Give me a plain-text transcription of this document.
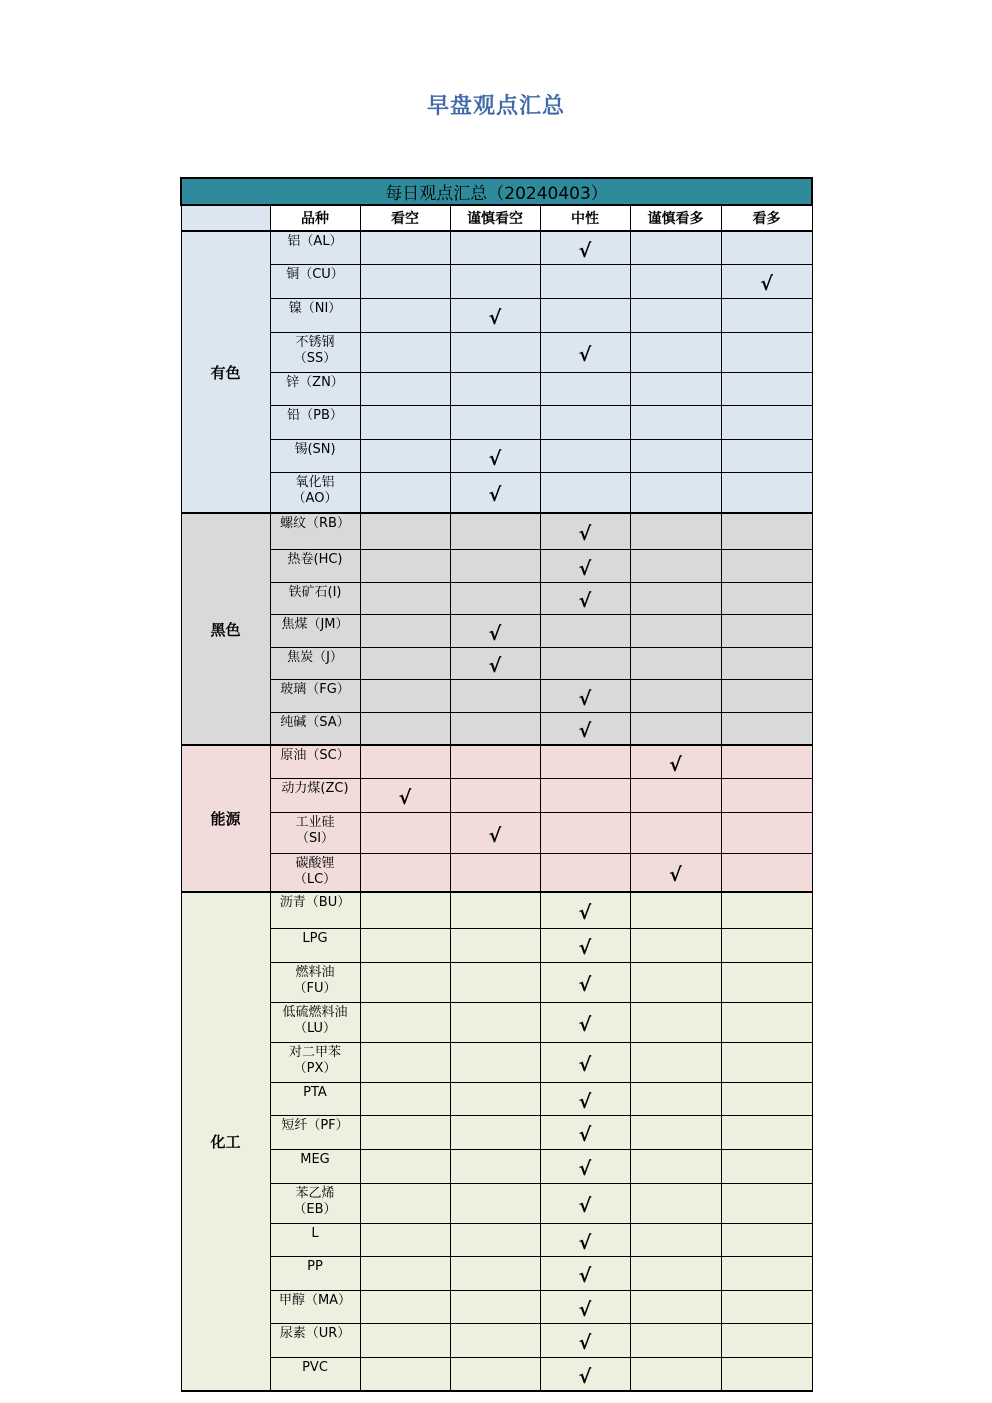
早盘观点汇总
每日观点汇总（20240403）						
	品种	看空	谨慎看空	中性	谨慎看多	看多
有色	铝（AL）			√		

	铜（CU）					√

	镍（NI）		√			

	不锈钢
（SS）			√		

	锌（ZN）					

	铅（PB）					

	锡(SN)		√			

	氧化铝
（AO）		√			
黑色	螺纹（RB）			√		

	热卷(HC)			√		

	铁矿石(I)			√		

	焦煤（JM）		√			

	焦炭（J）		√			

	玻璃（FG）			√		

	纯碱（SA）			√		
能源	原油（SC）				√	

	动力煤(ZC)	√				

	工业硅
（SI）		√			

	碳酸锂
（LC）				√	
化工	沥青（BU）			√		

	LPG			√		

	燃料油
（FU）			√		

	低硫燃料油
（LU）			√		

	对二甲苯
（PX）			√		

	PTA			√		

	短纤（PF）			√		

	MEG			√		

	苯乙烯
（EB）			√		

	L			√		

	PP			√		

	甲醇（MA）			√		

	尿素（UR）			√		

	PVC			√		
